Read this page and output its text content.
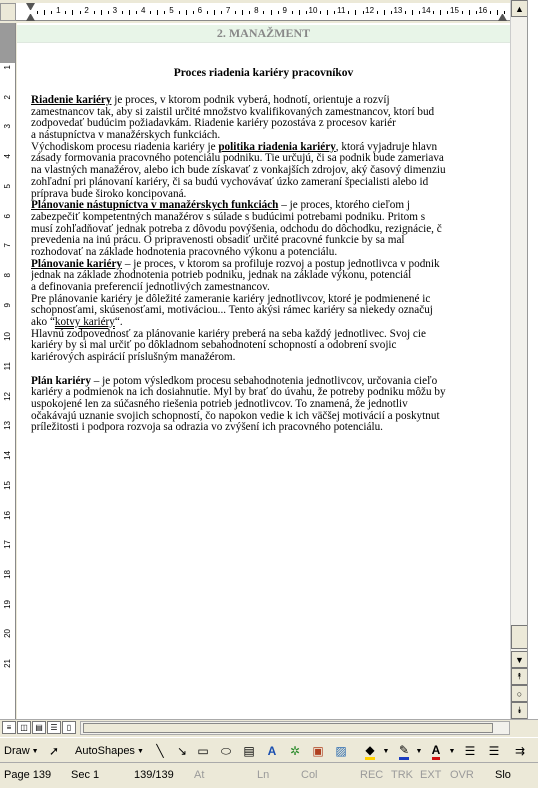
1	2	3	4	5	6	7	8	9	10 11 12 13 14 15 16
1
2
3
4
5
6
7
8
9
10
11
12
13
14
15
16
17
18
19
20
21
2. MANAŽMENT
Proces riadenia kariéry pracovníkov
Riadenie kariéry je proces, v ktorom podnik vyberá, hodnotí, orientuje a rozvíj
zamestnancov tak, aby si zaistil určité množstvo kvalifikovaných zamestnancov, ktorí bud
zodpovedať budúcim požiadavkám. Riadenie kariéry pozostáva z procesov kariér
a nástupníctva v manažérskych funkciách.
Východiskom procesu riadenia kariéry je politika riadenia kariéry, ktorá vyjadruje hlavn
zásady formovania pracovného potenciálu podniku. Tie určujú, či sa podnik bude zameriava
na vlastných manažérov, alebo ich bude získavať z vonkajších zdrojov, aký časový dimenziu
zohľadní pri plánovaní kariéry, či sa budú vychovávať úzko zameraní špecialisti alebo id
príprava bude široko koncipovaná.
Plánovanie nástupníctva v manažérskych funkciách – je proces, ktorého cieľom j
zabezpečiť kompetentných manažérov s súlade s budúcimi potrebami podniku. Pritom s
musí zohľadňovať jednak potreba z dôvodu povýšenia, odchodu do dôchodku, rezignácie, č
prevedenia na inú prácu. O pripravenosti obsadiť určité pracovné funkcie by sa mal
rozhodovať na základe hodnotenia pracovného výkonu a potenciálu.
Plánovanie kariéry – je proces, v ktorom sa profiluje rozvoj a postup jednotlivca v podnik
jednak na základe zhodnotenia potrieb podniku, jednak na základe výkonu, potenciál
a definovania preferencií jednotlivých zamestnancov.
Pre plánovanie kariéry je dôležité zameranie kariéry jednotlivcov, ktoré je podmienené ic
schopnosťami, skúsenosťami, motiváciou... Tento akýsi rámec kariéry sa niekedy označuj
ako “kotvy kariéry“.
Hlavnú zodpovednosť za plánovanie kariéry preberá na seba každý jednotlivec. Svoj cie
kariéry by si mal určiť po dôkladnom sebahodnotení schopností a odobrení svojic
kariérových aspirácií príslušným manažérom.
Plán kariéry – je potom výsledkom procesu sebahodnotenia jednotlivcov, určovania cieľo
kariéry a podmienok na ich dosiahnutie. Myl by brať do úvahu, že potreby podniku môžu by
uspokojené len za súčasného riešenia potrieb jednotlivcov. To znamená, že jednotliv
očakávajú uznanie svojich schopností, čo napokon vedie k ich väčšej motivácií a poskytnut
príležitosti i podpora rozvoja sa odrazia vo zvýšení ich pracovného potenciálu.
▲
▼
⯭
○
⯯
≡ ◫ ▤ ☰ ▯
Draw ▼ ➚ AutoShapes ▼ ╲ ↘ ▭ ⬭ ▤ A ✲ ▣ ▨ ◆ ▼ ✎ ▼ A ▼ ☰ ☰ ⇉
Page 139 Sec 1	139/139 At	Ln	Col	REC TRK EXT OVR Slo
